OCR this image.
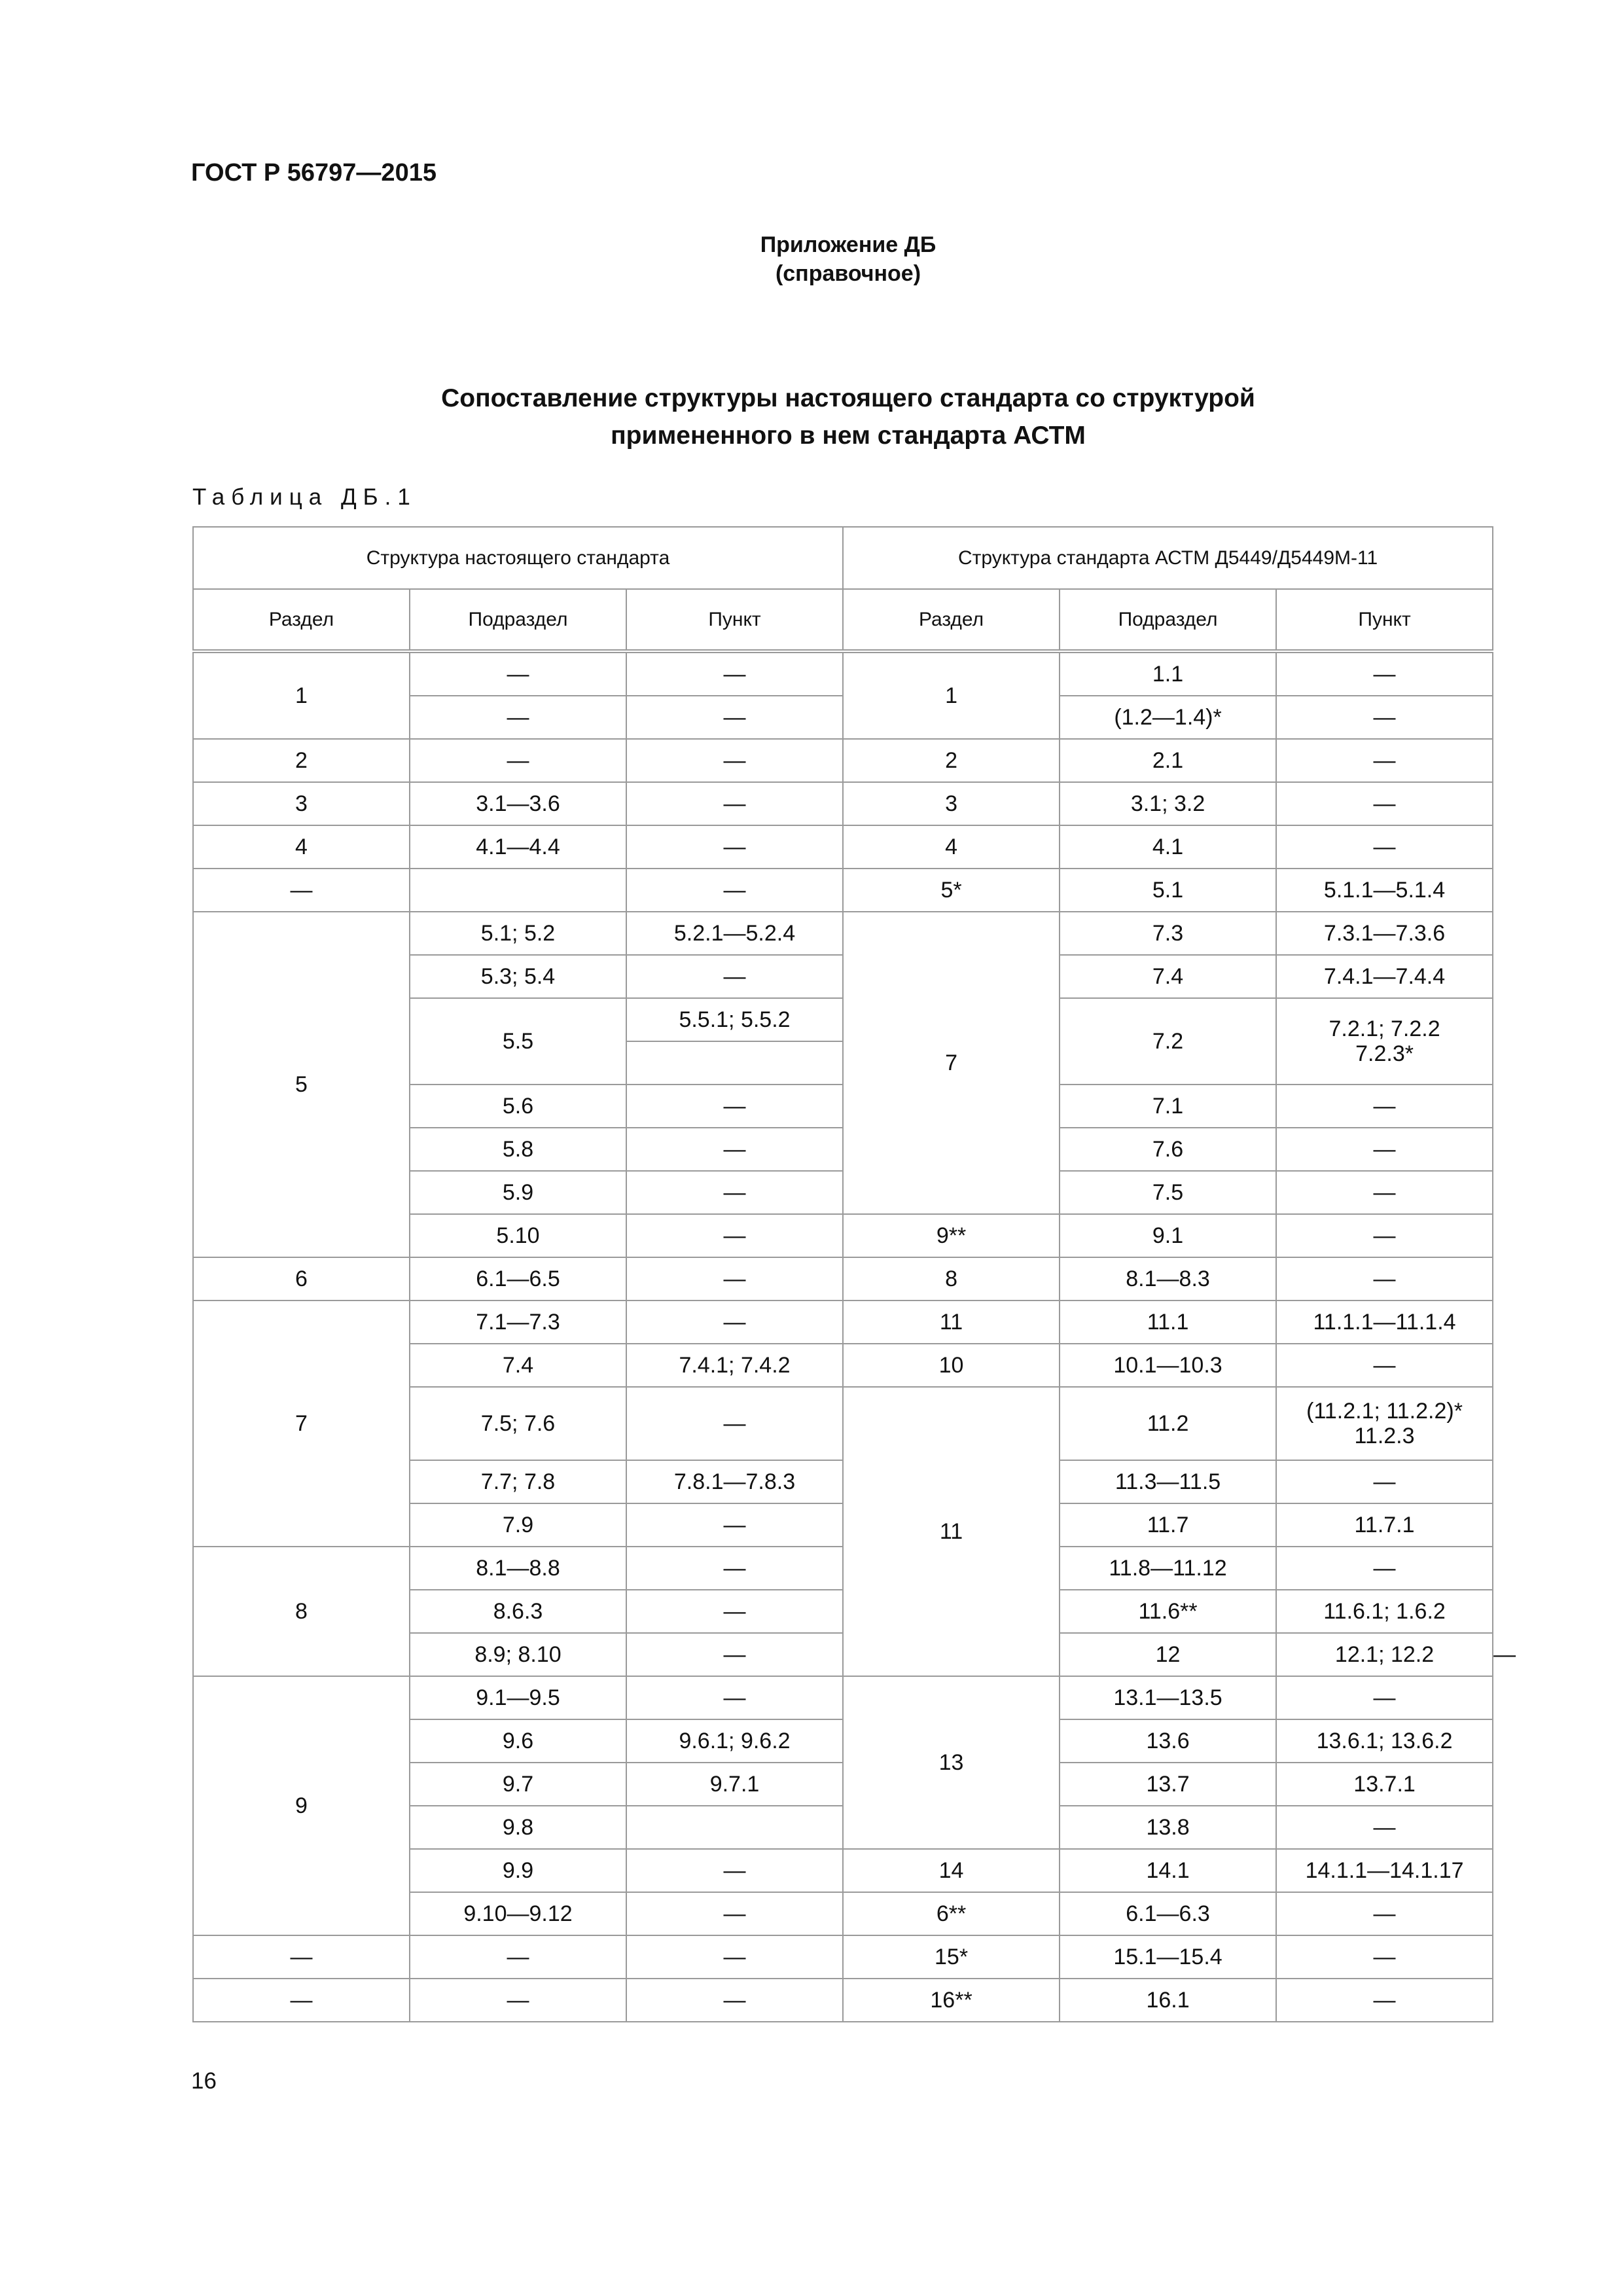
ГОСТ Р 56797—2015
Приложение ДБ
(справочное)
Сопоставление структуры настоящего стандарта со структурой
примененного в нем стандарта АСТМ
Таблица ДБ.1
Структура настоящего стандарта			Структура стандарта АСТМ Д5449/Д5449М-11			
Раздел	Подраздел	Пункт	Раздел	Подраздел	Пункт	
1	—	—	1	1.1	—	
	—	—		(1.2—1.4)*	—	
2	—	—	2	2.1	—	
3	3.1—3.6	—	3	3.1; 3.2	—	
4	4.1—4.4	—	4	4.1	—	
—		—	5*	5.1	5.1.1—5.1.4	
5	5.1; 5.2	5.2.1—5.2.4	7	7.3	7.3.1—7.3.6	
	5.3; 5.4	—		7.4	7.4.1—7.4.4	
	5.5	5.5.1; 5.5.2		7.2	7.2.1; 7.2.2
7.2.3*	

	5.6	—		7.1	—	
	5.8	—		7.6	—	
	5.9	—		7.5	—	
	5.10	—	9**	9.1	—	
6	6.1—6.5	—	8	8.1—8.3	—	
7	7.1—7.3	—	11	11.1	11.1.1—11.1.4	
	7.4	7.4.1; 7.4.2	10	10.1—10.3	—	
	7.5; 7.6	—	11	11.2	(11.2.1; 11.2.2)*
11.2.3	

	7.7; 7.8	7.8.1—7.8.3		11.3—11.5	—	
	7.9	—		11.7	11.7.1	
8	8.1—8.8	—		11.8—11.12	—	
	8.6.3	—		11.6**	11.6.1; 1.6.2	
	8.9; 8.10	—		12	12.1; 12.2	—
9	9.1—9.5	—	13	13.1—13.5	—	
	9.6	9.6.1; 9.6.2		13.6	13.6.1; 13.6.2	
	9.7	9.7.1		13.7	13.7.1	
	9.8			13.8	—	
	9.9	—	14	14.1	14.1.1—14.1.17	
	9.10—9.12	—	6**	6.1—6.3	—	
—	—	—	15*	15.1—15.4	—	
—	—	—	16**	16.1	—	
16
